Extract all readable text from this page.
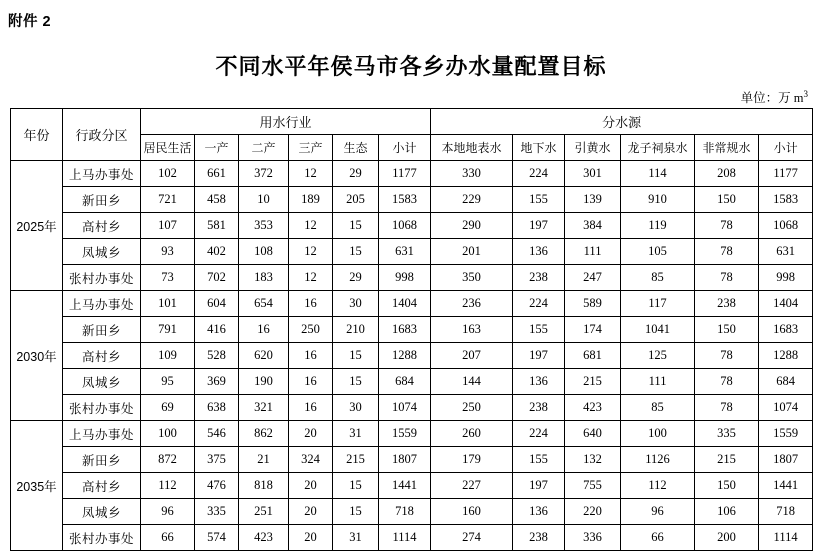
附件 2
不同水平年侯马市各乡办水量配置目标
单位：万 $m^3$
年份	行政分区	用水行业						分水源					
		居民生活	一产	二产	三产	生态	小计	本地地表水	地下水	引黄水	龙子祠泉水	非常规水	小计
2025年	上马办事处	102	661	372	12	29	1177	330	224	301	114	208	1177
	新田乡	721	458	10	189	205	1583	229	155	139	910	150	1583
	高村乡	107	581	353	12	15	1068	290	197	384	119	78	1068
	凤城乡	93	402	108	12	15	631	201	136	111	105	78	631
	张村办事处	73	702	183	12	29	998	350	238	247	85	78	998
2030年	上马办事处	101	604	654	16	30	1404	236	224	589	117	238	1404
	新田乡	791	416	16	250	210	1683	163	155	174	1041	150	1683
	高村乡	109	528	620	16	15	1288	207	197	681	125	78	1288
	凤城乡	95	369	190	16	15	684	144	136	215	111	78	684
	张村办事处	69	638	321	16	30	1074	250	238	423	85	78	1074
2035年	上马办事处	100	546	862	20	31	1559	260	224	640	100	335	1559
	新田乡	872	375	21	324	215	1807	179	155	132	1126	215	1807
	高村乡	112	476	818	20	15	1441	227	197	755	112	150	1441
	凤城乡	96	335	251	20	15	718	160	136	220	96	106	718
	张村办事处	66	574	423	20	31	1114	274	238	336	66	200	1114
